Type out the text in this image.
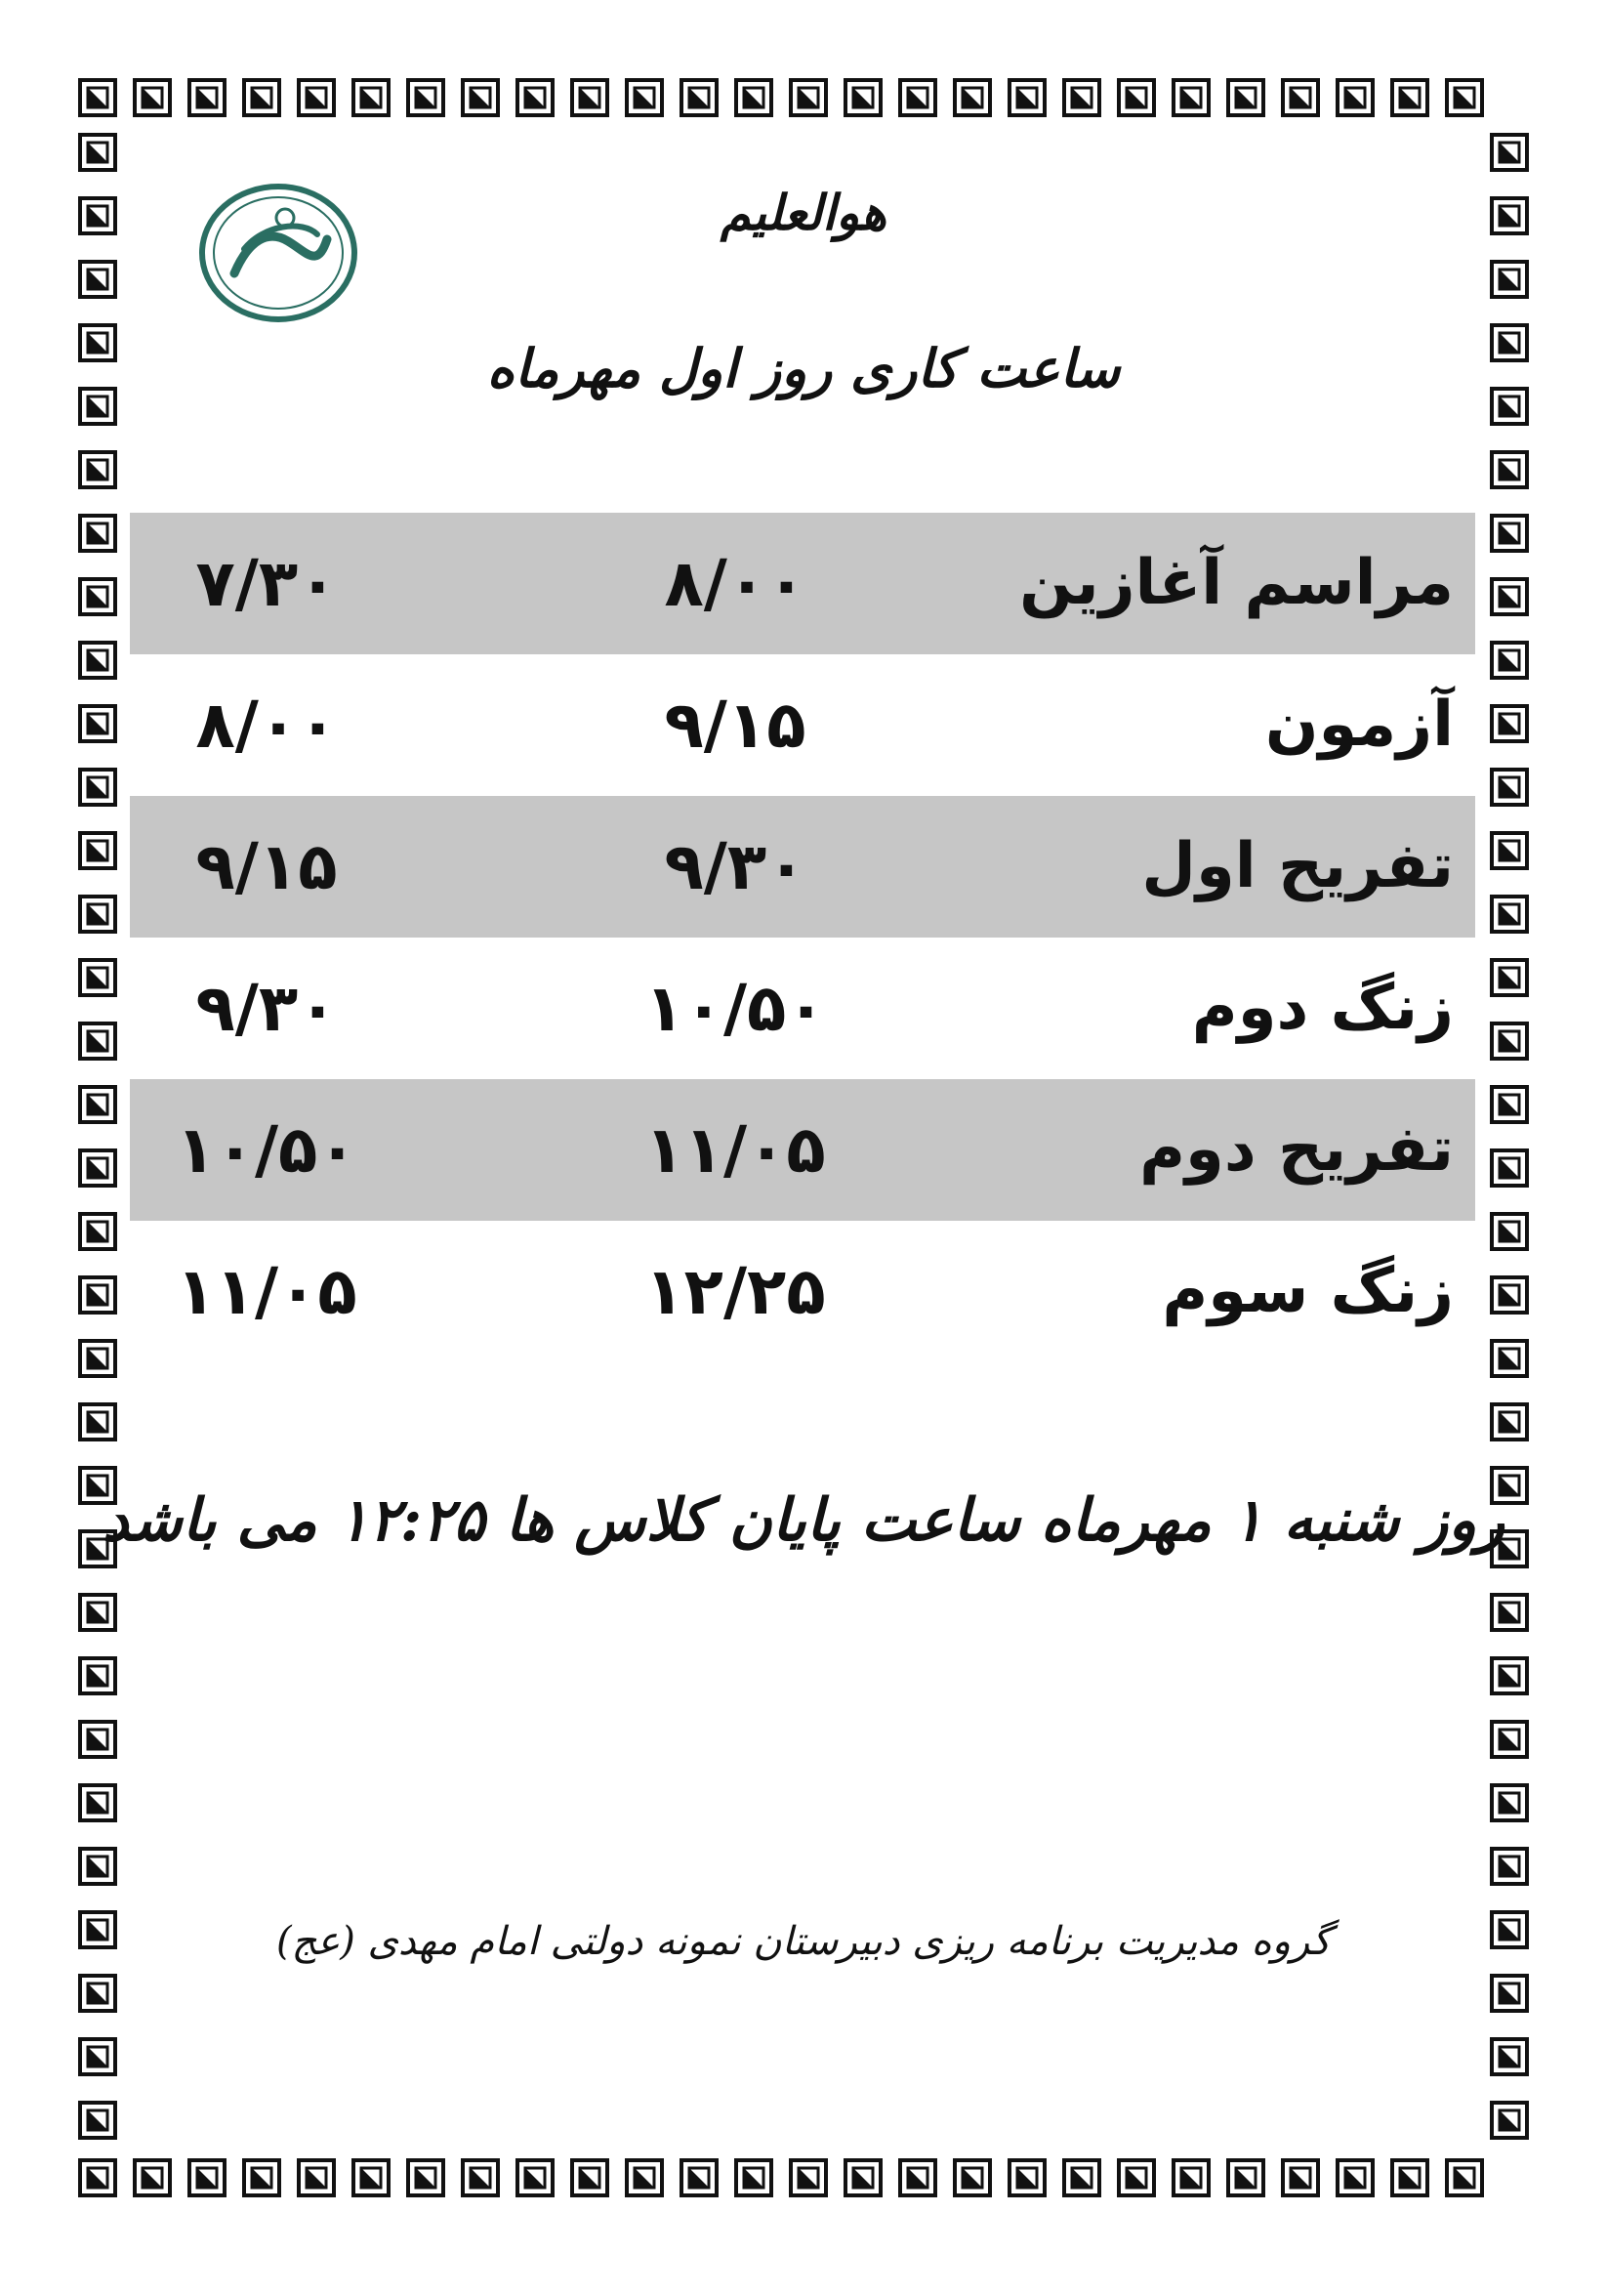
هوالعلیم
ساعت کاری روز اول مهرماه
مراسم آغازین
۸/۰۰
۷/۳۰
آزمون
۹/۱۵
۸/۰۰
تفریح اول
۹/۳۰
۹/۱۵
زنگ دوم
۱۰/۵۰
۹/۳۰
تفریح دوم
۱۱/۰۵
۱۰/۵۰
زنگ سوم
۱۲/۲۵
۱۱/۰۵
روز شنبه ۱ مهرماه ساعت پایان کلاس ها ۱۲:۲۵ می باشد
گروه مدیریت برنامه ریزی دبیرستان نمونه دولتی امام مهدی (عج)
